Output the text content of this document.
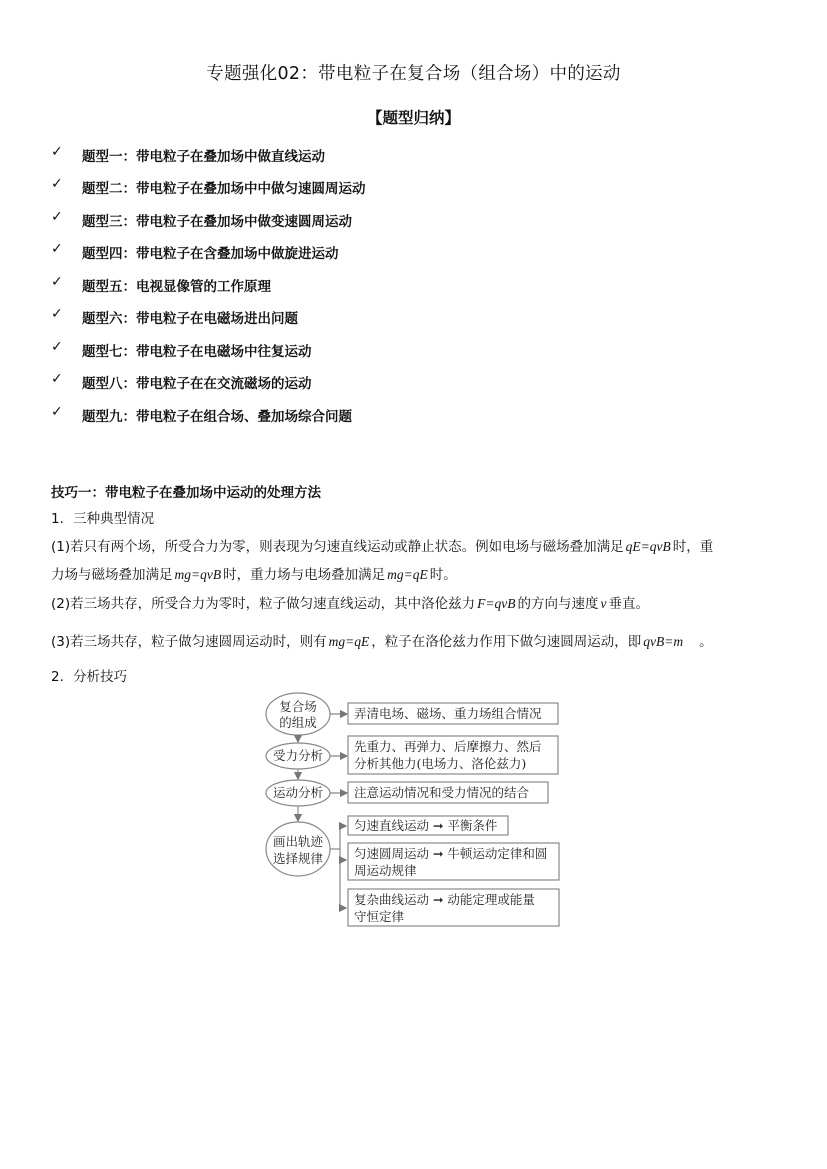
专题强化02：带电粒子在复合场（组合场）中的运动
【题型归纳】
✓ 题型一：带电粒子在叠加场中做直线运动
✓ 题型二：带电粒子在叠加场中中做匀速圆周运动
✓ 题型三：带电粒子在叠加场中做变速圆周运动
✓ 题型四：带电粒子在含叠加场中做旋进运动
✓ 题型五：电视显像管的工作原理
✓ 题型六：带电粒子在电磁场进出问题
✓ 题型七：带电粒子在电磁场中往复运动
✓ 题型八：带电粒子在在交流磁场的运动
✓ 题型九：带电粒子在组合场、叠加场综合问题
技巧一：带电粒子在叠加场中运动的处理方法
1．三种典型情况
(1)若只有两个场，所受合力为零，则表现为匀速直线运动或静止状态。例如电场与磁场叠加满足 qE=qvB 时，重
力场与磁场叠加满足 mg=qvB 时，重力场与电场叠加满足 mg=qE 时。
(2)若三场共存，所受合力为零时，粒子做匀速直线运动，其中洛伦兹力 F=qvB 的方向与速度 v 垂直。
(3)若三场共存，粒子做匀速圆周运动时，则有 mg=qE ，粒子在洛伦兹力作用下做匀速圆周运动，即 qvB=m 。
2．分析技巧
复合场
的组成
弄清电场、磁场、重力场组合情况
受力分析
先重力、再弹力、后摩擦力、然后
分析其他力(电场力、洛伦兹力)
运动分析 注意运动情况和受力情况的结合
画出轨迹
选择规律
匀速直线运动 ➞ 平衡条件
匀速圆周运动 ➞ 牛顿运动定律和圆
周运动规律
复杂曲线运动 ➞ 动能定理或能量
守恒定律
